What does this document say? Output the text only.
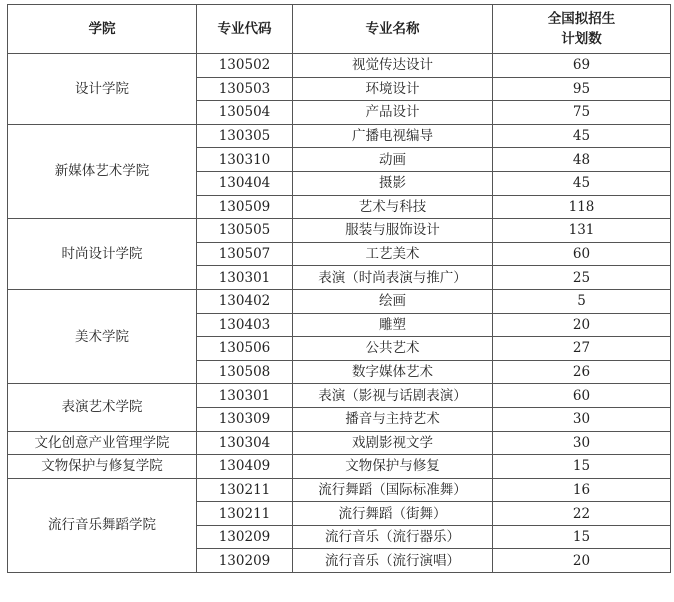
学院	专业代码	专业名称	全国拟招生
计划数
设计学院	130502	视觉传达设计	69
	130503	环境设计	95
	130504	产品设计	75
新媒体艺术学院	130305	广播电视编导	45
	130310	动画	48
	130404	摄影	45
	130509	艺术与科技	118
时尚设计学院	130505	服装与服饰设计	131
	130507	工艺美术	60
	130301	表演（时尚表演与推广）	25
美术学院	130402	绘画	5
	130403	雕塑	20
	130506	公共艺术	27
	130508	数字媒体艺术	26
表演艺术学院	130301	表演（影视与话剧表演）	60
	130309	播音与主持艺术	30
文化创意产业管理学院	130304	戏剧影视文学	30
文物保护与修复学院	130409	文物保护与修复	15
流行音乐舞蹈学院	130211	流行舞蹈（国际标准舞）	16
	130211	流行舞蹈（街舞）	22
	130209	流行音乐（流行器乐）	15
	130209	流行音乐（流行演唱）	20
